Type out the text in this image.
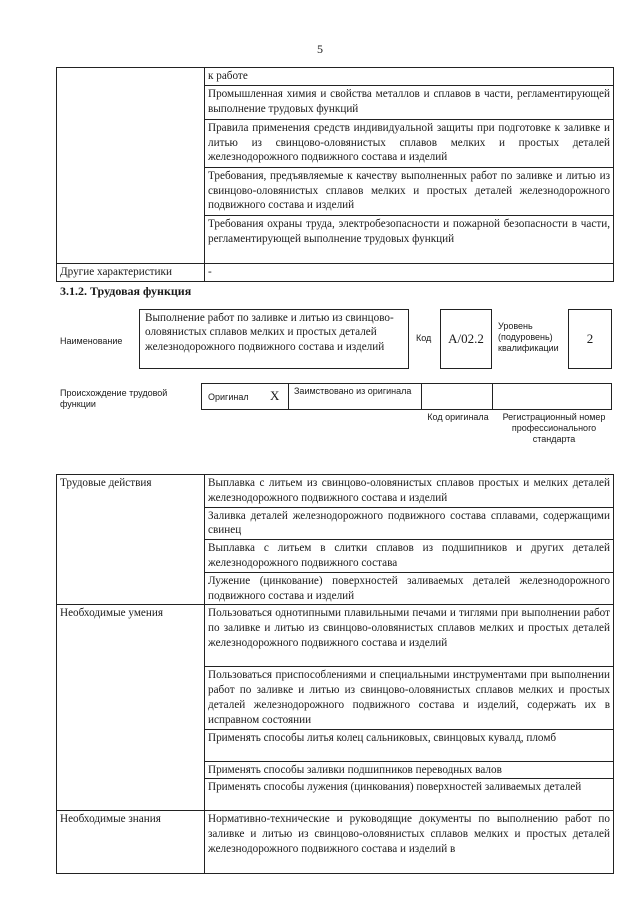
5
	к работе
	Промышленная химия и свойства металлов и сплавов в части, регламентирующей выполнение трудовых функций
	Правила применения средств индивидуальной защиты при подготовке к заливке и литью из свинцово-оловянистых сплавов мелких и простых деталей железнодорожного подвижного состава и изделий
	Требования, предъявляемые к качеству выполненных работ по заливке и литью из свинцово-оловянистых сплавов мелких и простых деталей железнодорожного подвижного состава и изделий
	Требования охраны труда, электробезопасности и пожарной безопасности в части, регламентирующей выполнение трудовых функций
Другие характеристики	-
3.1.2. Трудовая функция
Наименование
Выполнение работ по заливке и литью из свинцово-оловянистых сплавов мелких и простых деталей железнодорожного подвижного состава и изделий
Код	А/02.2
Уровень (подуровень) квалификации
2
Происхождение трудовой функции
Оригинал Х Заимствовано из оригинала
Код оригинала	Регистрационный номер профессионального стандарта
Трудовые действия	Выплавка с литьем из свинцово-оловянистых сплавов простых и мелких деталей железнодорожного подвижного состава и изделий
	Заливка деталей железнодорожного подвижного состава сплавами, содержащими свинец
	Выплавка с литьем в слитки сплавов из подшипников и других деталей железнодорожного подвижного состава
	Лужение (цинкование) поверхностей заливаемых деталей железнодорожного подвижного состава и изделий
Необходимые умения	Пользоваться однотипными плавильными печами и тиглями при выполнении работ по заливке и литью из свинцово-оловянистых сплавов мелких и простых деталей железнодорожного подвижного состава и изделий
	Пользоваться приспособлениями и специальными инструментами при выполнении работ по заливке и литью из свинцово-оловянистых сплавов мелких и простых деталей железнодорожного подвижного состава и изделий, содержать их в исправном состоянии
	Применять способы литья колец сальниковых, свинцовых кувалд, пломб
	Применять способы заливки подшипников переводных валов
	Применять способы лужения (цинкования) поверхностей заливаемых деталей
Необходимые знания	Нормативно-технические и руководящие документы по выполнению работ по заливке и литью из свинцово-оловянистых сплавов мелких и простых деталей железнодорожного подвижного состава и изделий в
